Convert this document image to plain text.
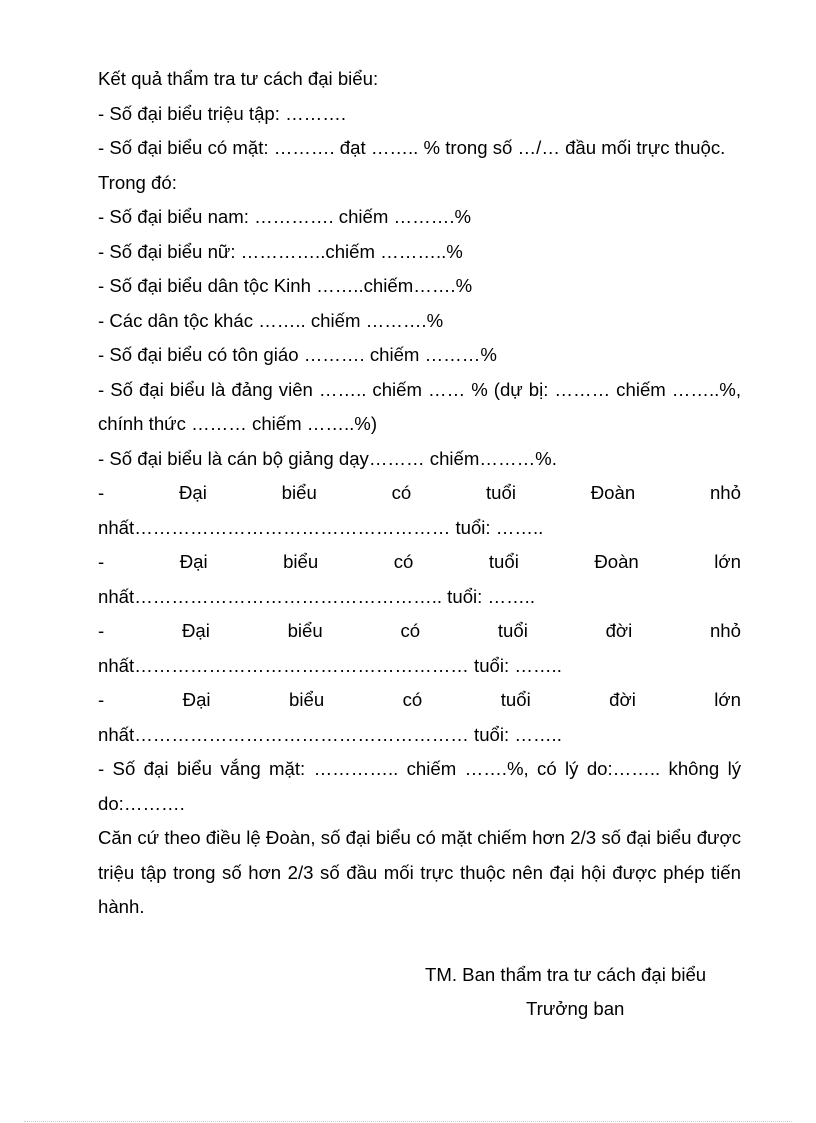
Kết quả thẩm tra tư cách đại biểu:

- Số đại biểu triệu tập: ……….

- Số đại biểu có mặt: ………. đạt …….. % trong số …/… đầu mối trực thuộc.

Trong đó:

- Số đại biểu nam: …………. chiếm ……….%

- Số đại biểu nữ: …………..chiếm ………..%

- Số đại biểu dân tộc Kinh ……..chiếm…….%

- Các dân tộc khác …….. chiếm ……….%

- Số đại biểu có tôn giáo ………. chiếm ………%

- Số đại biểu là đảng viên …….. chiếm …… % (dự bị: ……… chiếm ……..%, chính thức ……… chiếm ……..%)

- Số đại biểu là cán bộ giảng dạy……… chiếm………%.

-	Đại	biểu	có	tuổi	Đoàn	nhỏ

nhất…………………………………………… tuổi: ……..

-	Đại	biểu	có	tuổi	Đoàn	lớn

nhất………………………………………….. tuổi: ……..

-	Đại	biểu	có	tuổi	đời	nhỏ

nhất……………………………………………… tuổi: ……..

-	Đại	biểu	có	tuổi	đời	lớn

nhất……………………………………………… tuổi: ……..

- Số đại biểu vắng mặt: ………….. chiếm …….%, có lý do:…….. không lý do:……….

Căn cứ theo điều lệ Đoàn, số đại biểu có mặt chiếm hơn 2/3 số đại biểu được triệu tập trong số hơn 2/3 số đầu mối trực thuộc nên đại hội được phép tiến hành.

TM. Ban thẩm tra tư cách đại biểu
Trưởng ban
